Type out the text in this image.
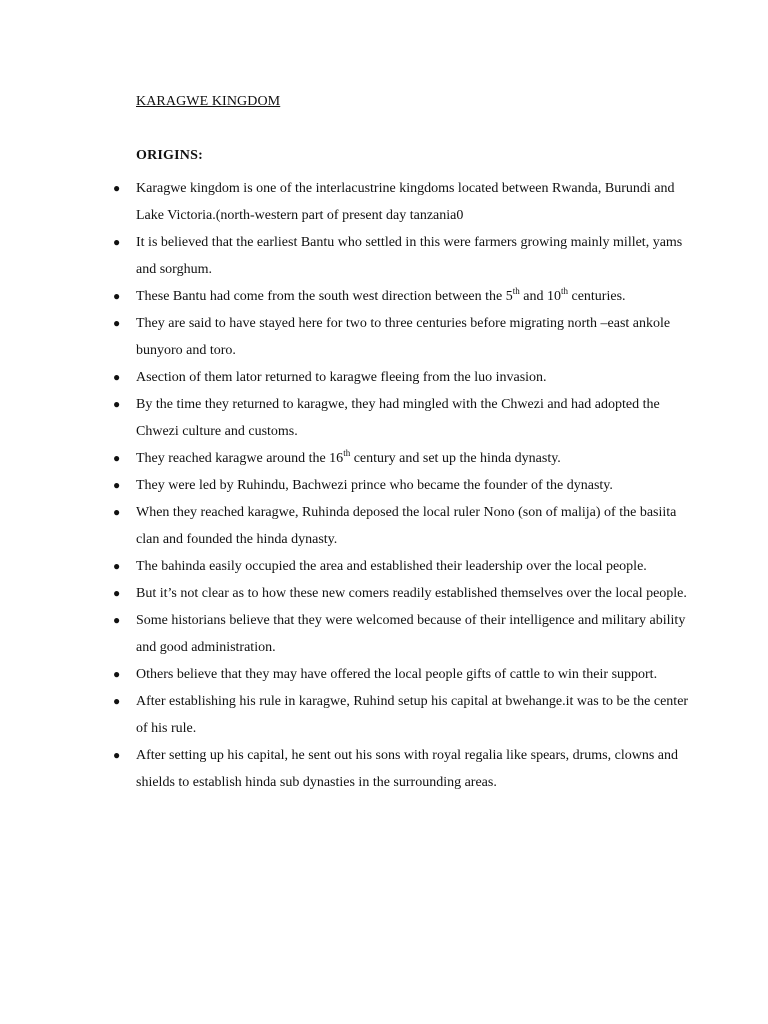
KARAGWE KINGDOM
ORIGINS:
● Karagwe kingdom is one of the interlacustrine kingdoms located between Rwanda, Burundi and Lake Victoria.(north-western part of present day tanzania0
● It is believed that the earliest Bantu who settled in this were farmers growing mainly millet, yams and sorghum.
● These Bantu had come from the south west direction between the 5th and 10th centuries.
● They are said to have stayed here for two to three centuries before migrating north –east ankole bunyoro and toro.
● Asection of them lator returned to karagwe fleeing from the luo invasion.
● By the time they returned to karagwe, they had mingled with the Chwezi and had adopted the Chwezi culture and customs.
● They reached karagwe around the 16th century and set up the hinda dynasty.
● They were led by Ruhindu, Bachwezi prince who became the founder of the dynasty.
● When they reached karagwe, Ruhinda deposed the local ruler Nono (son of malija) of the basiita clan and founded the hinda dynasty.
● The bahinda easily occupied the area and established their leadership over the local people.
● But it’s not clear as to how these new comers readily established themselves over the local people.
● Some historians believe that they were welcomed because of their intelligence and military ability and good administration.
● Others believe that they may have offered the local people gifts of cattle to win their support.
● After establishing his rule in karagwe, Ruhind setup his capital at bwehange.it was to be the center of his rule.
● After setting up his capital, he sent out his sons with royal regalia like spears, drums, clowns and shields to establish hinda sub dynasties in the surrounding areas.
